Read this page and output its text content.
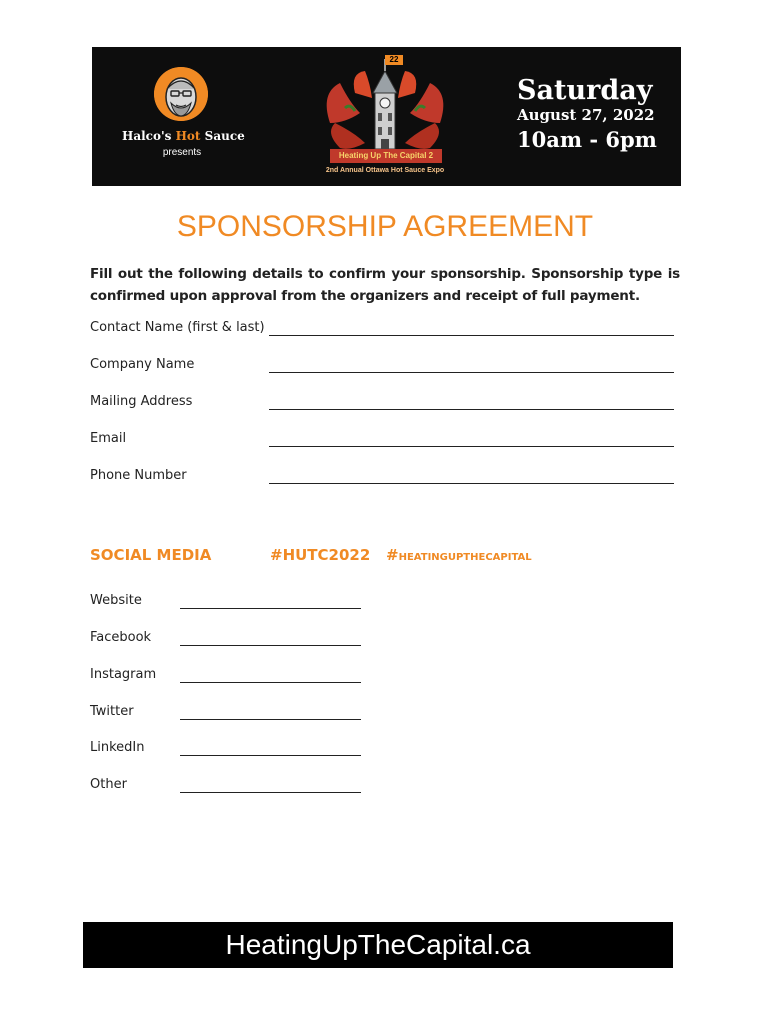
Halco's Hot Sauce
presents
22
Heating Up The Capital 2
2nd Annual Ottawa Hot Sauce Expo
Saturday
August 27, 2022
10am - 6pm
SPONSORSHIP AGREEMENT
Fill out the following details to confirm your sponsorship. Sponsorship type is confirmed upon approval from the organizers and receipt of full payment.
Contact Name (first & last)
Company Name
Mailing Address
Email
Phone Number
SOCIAL MEDIA	#HUTC2022 #HEATINGUPTHECAPITAL
Website
Facebook
Instagram
Twitter
LinkedIn
Other
HeatingUpTheCapital.ca
